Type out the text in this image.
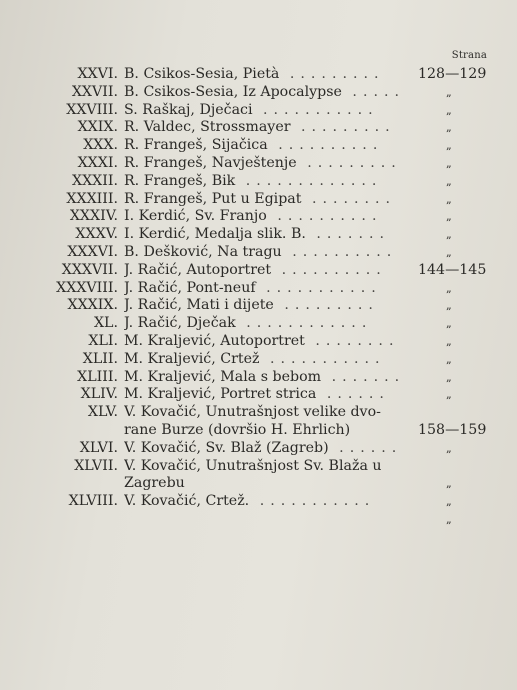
Strana
XXVI. B. Csikos-Sesia, Pietà .........	128—129
XXVII. B. Csikos-Sesia, Iz Apocalypse .....	„
XXVIII. S. Raškaj, Dječaci ...........	„
XXIX. R. Valdec, Strossmayer .........	„
XXX. R. Frangeš, Sijačica ..........	„
XXXI. R. Frangeš, Navještenje .........	„
XXXII. R. Frangeš, Bik .............	„
XXXIII. R. Frangeš, Put u Egipat ........	„
XXXIV. I. Kerdić, Sv. Franjo ..........	„
XXXV. I. Kerdić, Medalja slik. B. .......	„
XXXVI. B. Dešković, Na tragu ..........	„
XXXVII. J. Račić, Autoportret ..........	144—145
XXXVIII. J. Račić, Pont-neuf ...........	„
XXXIX. J. Račić, Mati i dijete .........	„
XL. J. Račić, Dječak ............	„
XLI. M. Kraljević, Autoportret ........	„
XLII. M. Kraljević, Crtež ...........	„
XLIII. M. Kraljević, Mala s bebom .......	„
XLIV. M. Kraljević, Portret strica ......	„
XLV. V. Kovačić, Unutrašnjost velike dvo-
rane Burze (dovršio H. Ehrlich)	158—159
XLVI. V. Kovačić, Sv. Blaž (Zagreb) ......	„
XLVII. V. Kovačić, Unutrašnjost Sv. Blaža u
Zagrebu	„
XLVIII. V. Kovačić, Crtež. ...........	„
„
